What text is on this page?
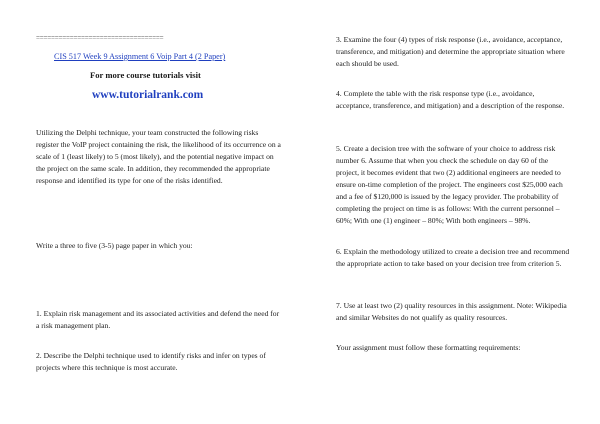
==================================
CIS 517 Week 9 Assignment 6 Voip Part 4 (2 Paper)
For more course tutorials visit
www.tutorialrank.com

Utilizing the Delphi technique, your team constructed the following risks register the VoIP project containing the risk, the likelihood of its occurrence on a scale of 1 (least likely) to 5 (most likely), and the potential negative impact on the project on the same scale. In addition, they recommended the appropriate response and identified its type for one of the risks identified.

Write a three to five (3-5) page paper in which you:

1. Explain risk management and its associated activities and defend the need for a risk management plan.

2. Describe the Delphi technique used to identify risks and infer on types of projects where this technique is most accurate.

3. Examine the four (4) types of risk response (i.e., avoidance, acceptance, transference, and mitigation) and determine the appropriate situation where each should be used.

4. Complete the table with the risk response type (i.e., avoidance, acceptance, transference, and mitigation) and a description of the response.

5. Create a decision tree with the software of your choice to address risk number 6. Assume that when you check the schedule on day 60 of the project, it becomes evident that two (2) additional engineers are needed to ensure on-time completion of the project. The engineers cost $25,000 each and a fee of $120,000 is issued by the legacy provider. The probability of completing the project on time is as follows: With the current personnel – 60%; With one (1) engineer – 80%; With both engineers – 98%.

6. Explain the methodology utilized to create a decision tree and recommend the appropriate action to take based on your decision tree from criterion 5.

7. Use at least two (2) quality resources in this assignment. Note: Wikipedia and similar Websites do not qualify as quality resources.

Your assignment must follow these formatting requirements:
